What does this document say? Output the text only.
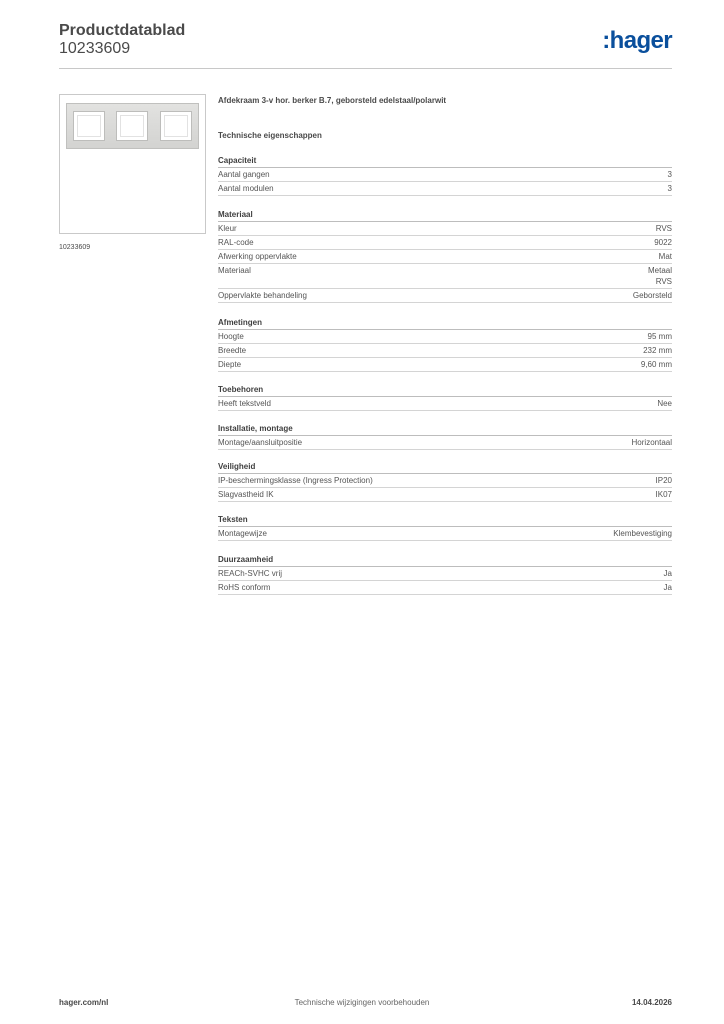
Productdatablad
10233609	:hager
10233609
Afdekraam 3-v hor. berker B.7, geborsteld edelstaal/polarwit
Technische eigenschappen
Capaciteit
Aantal gangen	3
Aantal modulen	3
Materiaal
Kleur	RVS
RAL-code	9022
Afwerking oppervlakte	Mat
Materiaal	Metaal
RVS
Oppervlakte behandeling	Geborsteld
Afmetingen
Hoogte	95 mm
Breedte	232 mm
Diepte	9,60 mm
Toebehoren
Heeft tekstveld	Nee
Installatie, montage
Montage/aansluitpositie	Horizontaal
Veiligheid
IP-beschermingsklasse (Ingress Protection)	IP20
Slagvastheid IK	IK07
Teksten
Montagewijze	Klembevestiging
Duurzaamheid
REACh-SVHC vrij	Ja
RoHS conform	Ja
hager.com/nl	Technische wijzigingen voorbehouden	14.04.2026
